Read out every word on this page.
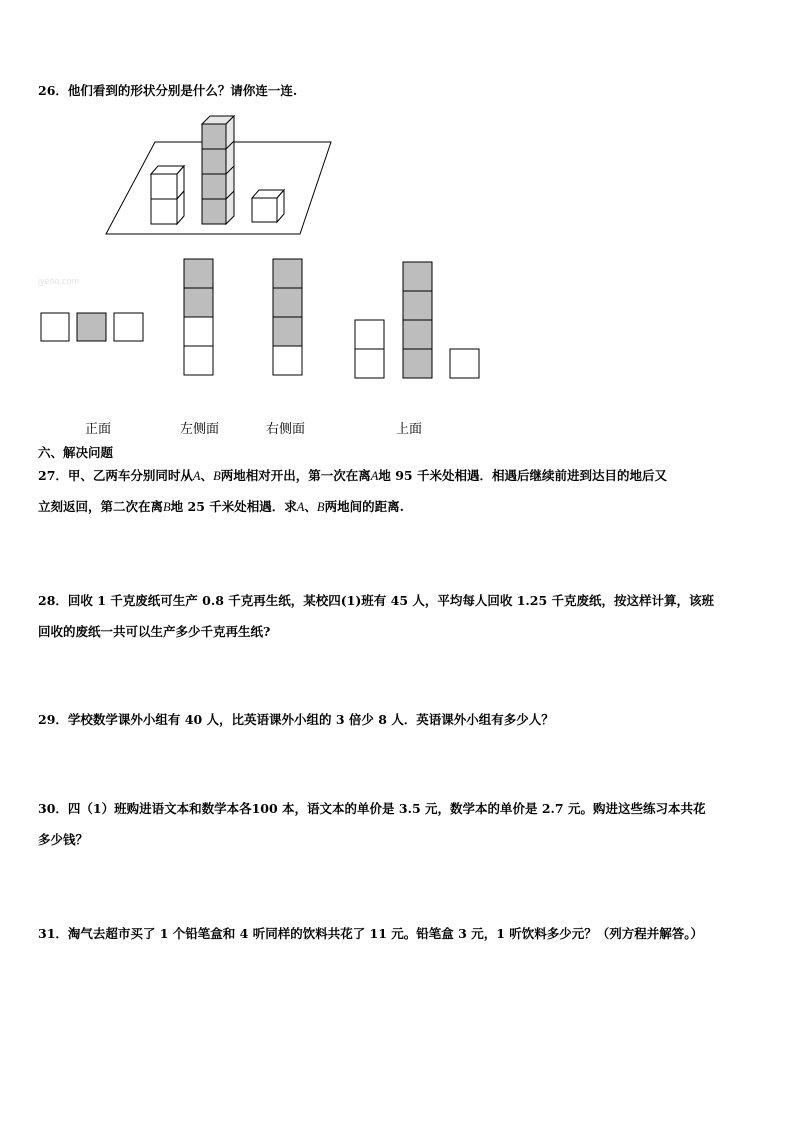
26．他们看到的形状分别是什么？请你连一连.
jyeoo.com
正面	左侧面	右侧面	上面
六、解决问题
27．甲、乙两车分别同时从A、B两地相对开出，第一次在离A地 95 千米处相遇．相遇后继续前进到达目的地后又
立刻返回，第二次在离B地 25 千米处相遇．求A、B两地间的距离.
28．回收 1 千克废纸可生产 0.8 千克再生纸，某校四(1)班有 45 人，平均每人回收 1.25 千克废纸，按这样计算，该班
回收的废纸一共可以生产多少千克再生纸?
29．学校数学课外小组有 40 人，比英语课外小组的 3 倍少 8 人．英语课外小组有多少人？
30．四（1）班购进语文本和数学本各100 本，语文本的单价是 3.5 元，数学本的单价是 2.7 元。购进这些练习本共花
多少钱？
31．淘气去超市买了 1 个铅笔盒和 4 听同样的饮料共花了 11 元。铅笔盒 3 元，1 听饮料多少元？（列方程并解答。）
